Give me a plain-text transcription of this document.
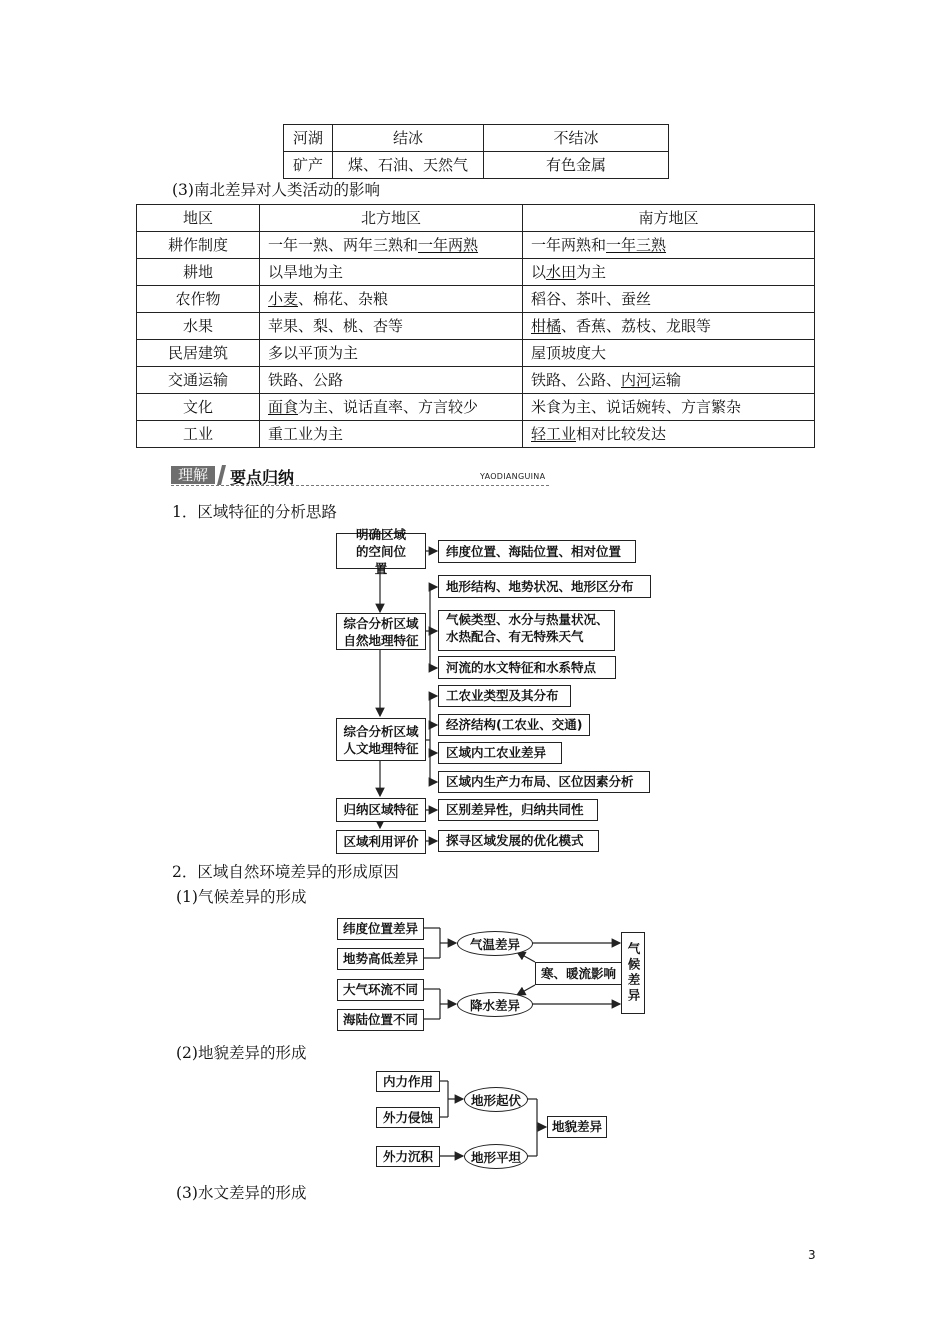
河湖	结冰	不结冰
矿产	煤、石油、天然气	有色金属
(3)南北差异对人类活动的影响
地区	北方地区	南方地区
耕作制度	一年一熟、两年三熟和一年两熟	一年两熟和一年三熟
耕地	以旱地为主	以水田为主
农作物	小麦、棉花、杂粮	稻谷、茶叶、蚕丝
水果	苹果、梨、桃、杏等	柑橘、香蕉、荔枝、龙眼等
民居建筑	多以平顶为主	屋顶坡度大
交通运输	铁路、公路	铁路、公路、内河运输
文化	面食为主、说话直率、方言较少	米食为主、说话婉转、方言繁杂
工业	重工业为主	轻工业相对比较发达
理解	要点归纳	YAODIANGUINA
1．区域特征的分析思路
明确区域的空间位置
综合分析区域自然地理特征
综合分析区域人文地理特征
归纳区域特征
区域利用评价
纬度位置、海陆位置、相对位置
地形结构、地势状况、地形区分布
气候类型、水分与热量状况、水热配合、有无特殊天气
河流的水文特征和水系特点
工农业类型及其分布
经济结构(工农业、交通)
区域内工农业差异
区域内生产力布局、区位因素分析
区别差异性，归纳共同性
探寻区域发展的优化模式
2．区域自然环境差异的形成原因
(1)气候差异的形成
纬度位置差异
地势高低差异
大气环流不同
海陆位置不同
气温差异
降水差异
寒、暖流影响 气候差异
(2)地貌差异的形成
内力作用
外力侵蚀
外力沉积
地形起伏
地形平坦
地貌差异
(3)水文差异的形成
3
